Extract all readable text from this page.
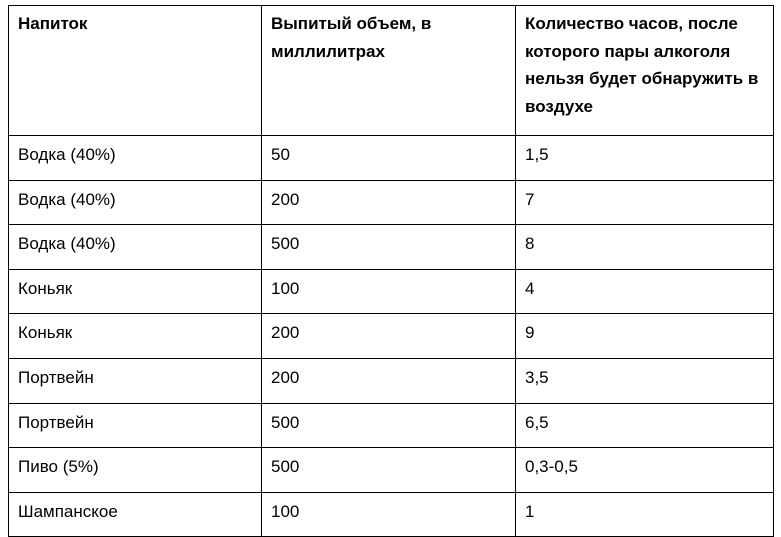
Напиток	Выпитый объем, в миллилитрах	Количество часов, после которого пары алкоголя нельзя будет обнаружить в воздухе
Водка (40%)	50	1,5
Водка (40%)	200	7
Водка (40%)	500	8
Коньяк	100	4
Коньяк	200	9
Портвейн	200	3,5
Портвейн	500	6,5
Пиво (5%)	500	0,3-0,5
Шампанское	100	1
